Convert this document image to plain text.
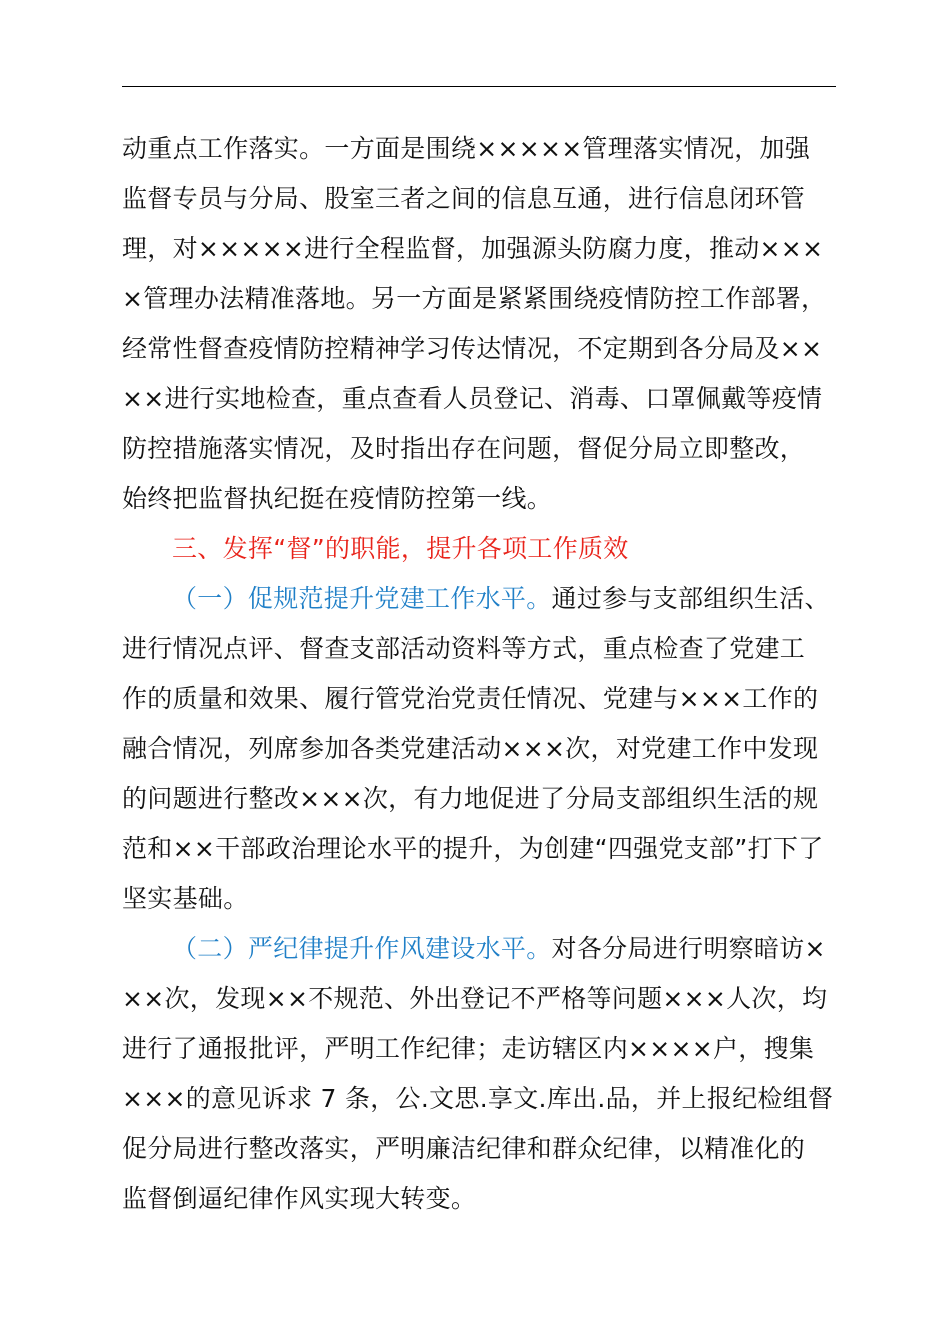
动重点工作落实。一方面是围绕×××××管理落实情况，加强
监督专员与分局、股室三者之间的信息互通，进行信息闭环管
理，对×××××进行全程监督，加强源头防腐力度，推动×××
×管理办法精准落地。另一方面是紧紧围绕疫情防控工作部署，
经常性督查疫情防控精神学习传达情况，不定期到各分局及××
××进行实地检查，重点查看人员登记、消毒、口罩佩戴等疫情
防控措施落实情况，及时指出存在问题，督促分局立即整改，
始终把监督执纪挺在疫情防控第一线。
三、发挥“督”的职能，提升各项工作质效
（一）促规范提升党建工作水平。通过参与支部组织生活、
进行情况点评、督查支部活动资料等方式，重点检查了党建工
作的质量和效果、履行管党治党责任情况、党建与×××工作的
融合情况，列席参加各类党建活动×××次，对党建工作中发现
的问题进行整改×××次，有力地促进了分局支部组织生活的规
范和××干部政治理论水平的提升，为创建“四强党支部”打下了
坚实基础。
（二）严纪律提升作风建设水平。对各分局进行明察暗访×
××次，发现××不规范、外出登记不严格等问题×××人次，均
进行了通报批评，严明工作纪律；走访辖区内××××户，搜集
×××的意见诉求 7 条，公.文思.享文.库出.品，并上报纪检组督
促分局进行整改落实，严明廉洁纪律和群众纪律，以精准化的
监督倒逼纪律作风实现大转变。
